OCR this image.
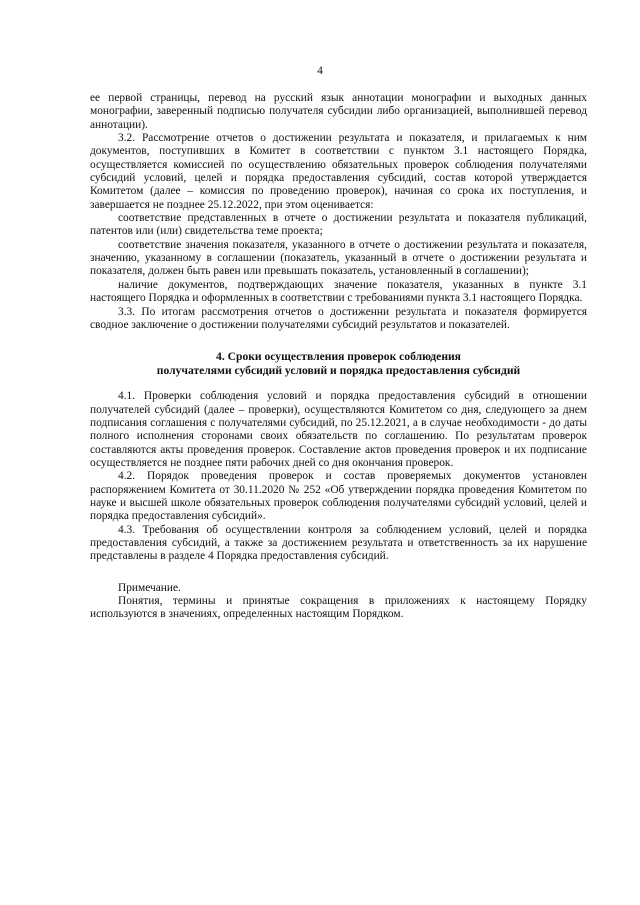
4

ее первой страницы, перевод на русский язык аннотации монографии и выходных данных монографии, заверенный подписью получателя субсидии либо организацией, выполнившей перевод аннотации).

3.2. Рассмотрение отчетов о достижении результата и показателя, и прилагаемых к ним документов, поступивших в Комитет в соответствии с пунктом 3.1 настоящего Порядка, осуществляется комиссией по осуществлению обязательных проверок соблюдения получателями субсидий условий, целей и порядка предоставления субсидий, состав которой утверждается Комитетом (далее – комиссия по проведению проверок), начиная со срока их поступления, и завершается не позднее 25.12.2022, при этом оценивается:

соответствие представленных в отчете о достижении результата и показателя публикаций, патентов или (или) свидетельства теме проекта;

соответствие значения показателя, указанного в отчете о достижении результата и показателя, значению, указанному в соглашении (показатель, указанный в отчете о достижении результата и показателя, должен быть равен или превышать показатель, установленный в соглашении);

наличие документов, подтверждающих значение показателя, указанных в пункте 3.1 настоящего Порядка и оформленных в соответствии с требованиями пункта 3.1 настоящего Порядка.

3.3. По итогам рассмотрения отчетов о достиженни результата и показателя формируется сводное заключение о достижении получателями субсидий результатов и показателей.

4. Сроки осуществления проверок соблюдения
получателями субсидий условий и порядка предоставления субсидий

4.1. Проверки соблюдения условий и порядка предоставления субсидий в отношении получателей субсидий (далее – проверки), осуществляются Комитетом со дня, следующего за днем подписания соглашения с получателями субсидий, по 25.12.2021, а в случае необходимости - до даты полного исполнения сторонами своих обязательств по соглашению. По результатам проверок составляются акты проведения проверок. Составление актов проведения проверок и их подписание осуществляется не позднее пяти рабочих дней со дня окончания проверок.

4.2. Порядок проведения проверок и состав проверяемых документов установлен распоряжением Комитета от 30.11.2020 № 252 «Об утверждении порядка проведения Комитетом по науке и высшей школе обязательных проверок соблюдения получателями субсидий условий, целей и порядка предоставления субсидий».

4.3. Требования об осуществлении контроля за соблюдением условий, целей и порядка предоставления субсидий, а также за достижением результата и ответственность за их нарушение представлены в разделе 4 Порядка предоставления субсидий.

Примечание.

Понятия, термины и принятые сокращения в приложениях к настоящему Порядку используются в значениях, определенных настоящим Порядком.
